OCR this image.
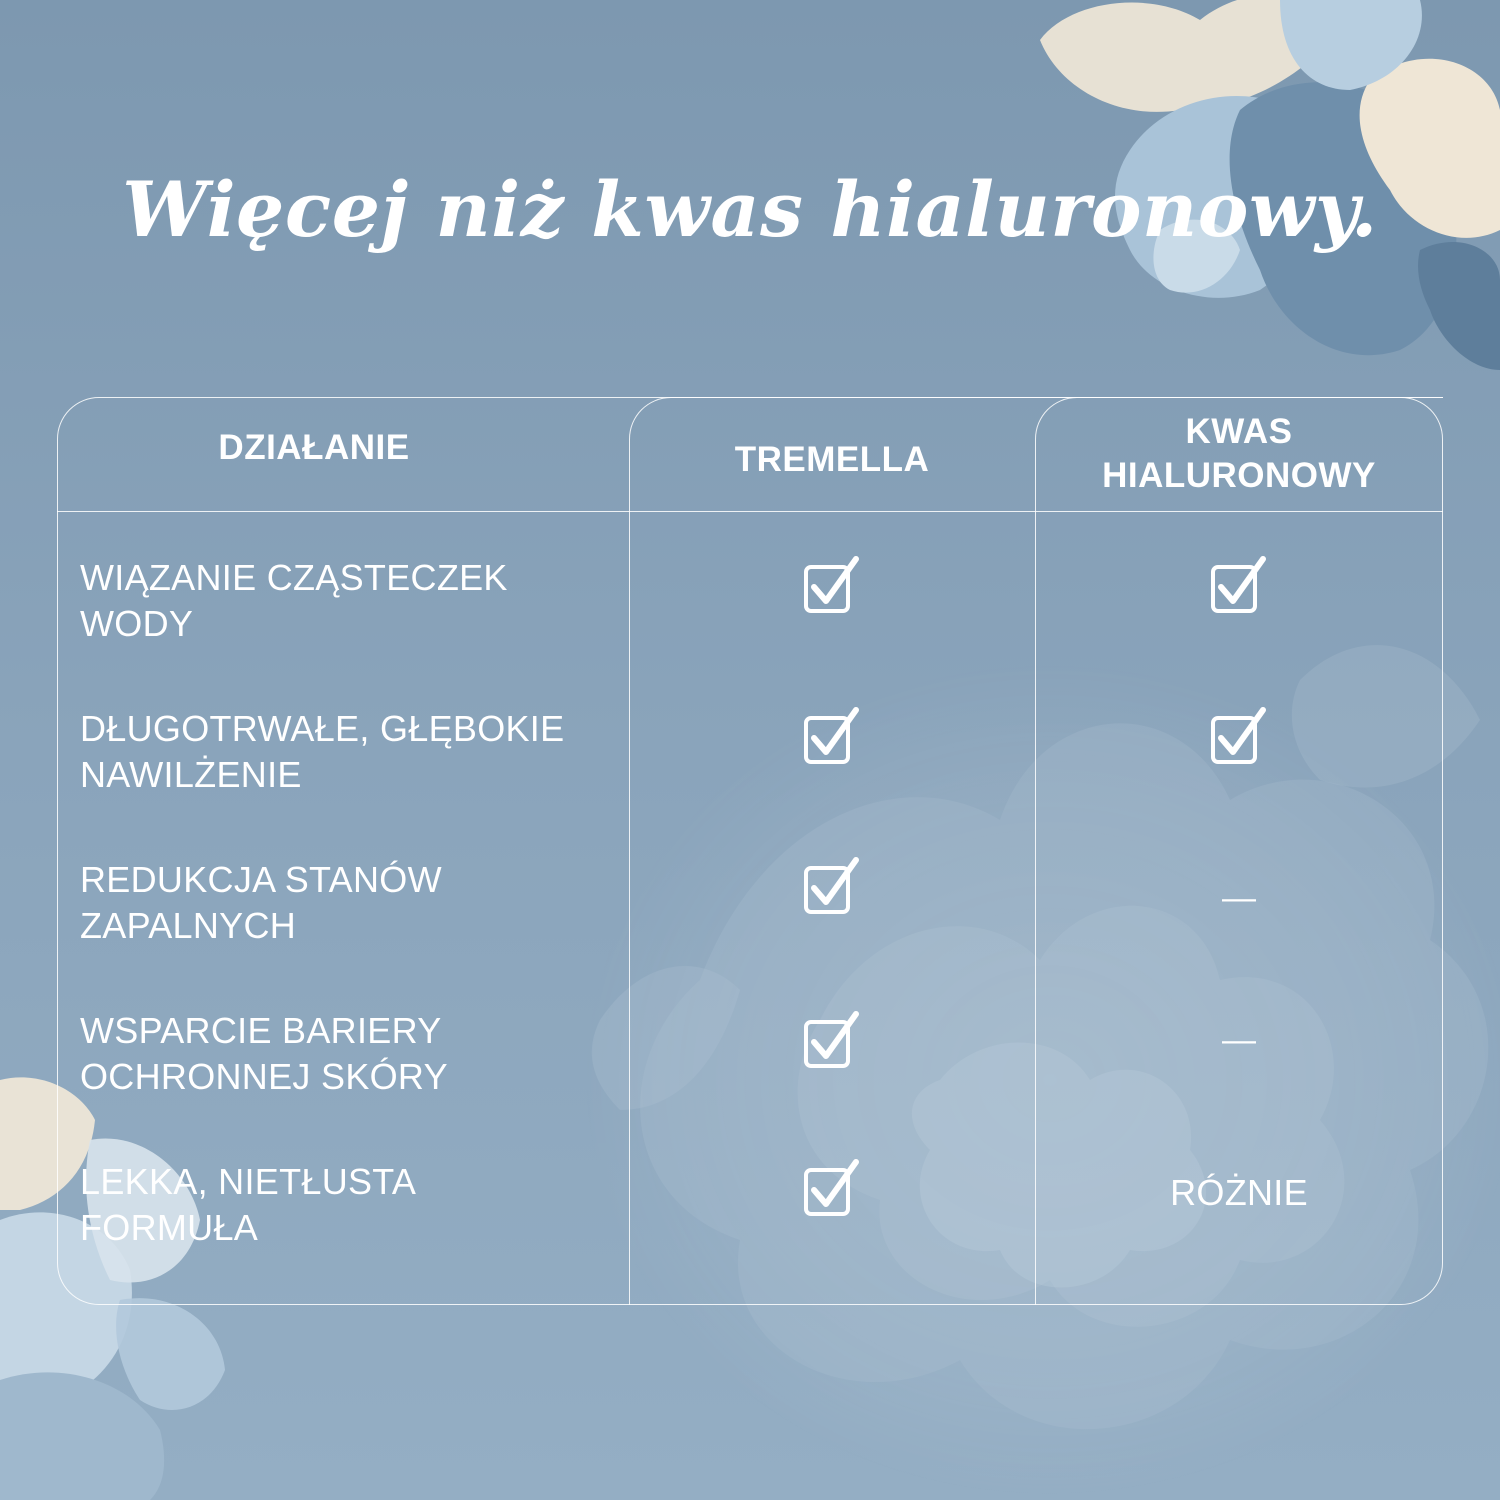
Więcej niż kwas hialuronowy.
DZIAŁANIE	TREMELLA
KWAS
HIALURONOWY
WIĄZANIE CZĄSTECZEK
WODY
DŁUGOTRWAŁE, GŁĘBOKIE
NAWILŻENIE
REDUKCJA STANÓW
ZAPALNYCH
—
WSPARCIE BARIERY
OCHRONNEJ SKÓRY
—
LEKKA, NIETŁUSTA
FORMUŁA
RÓŻNIE
